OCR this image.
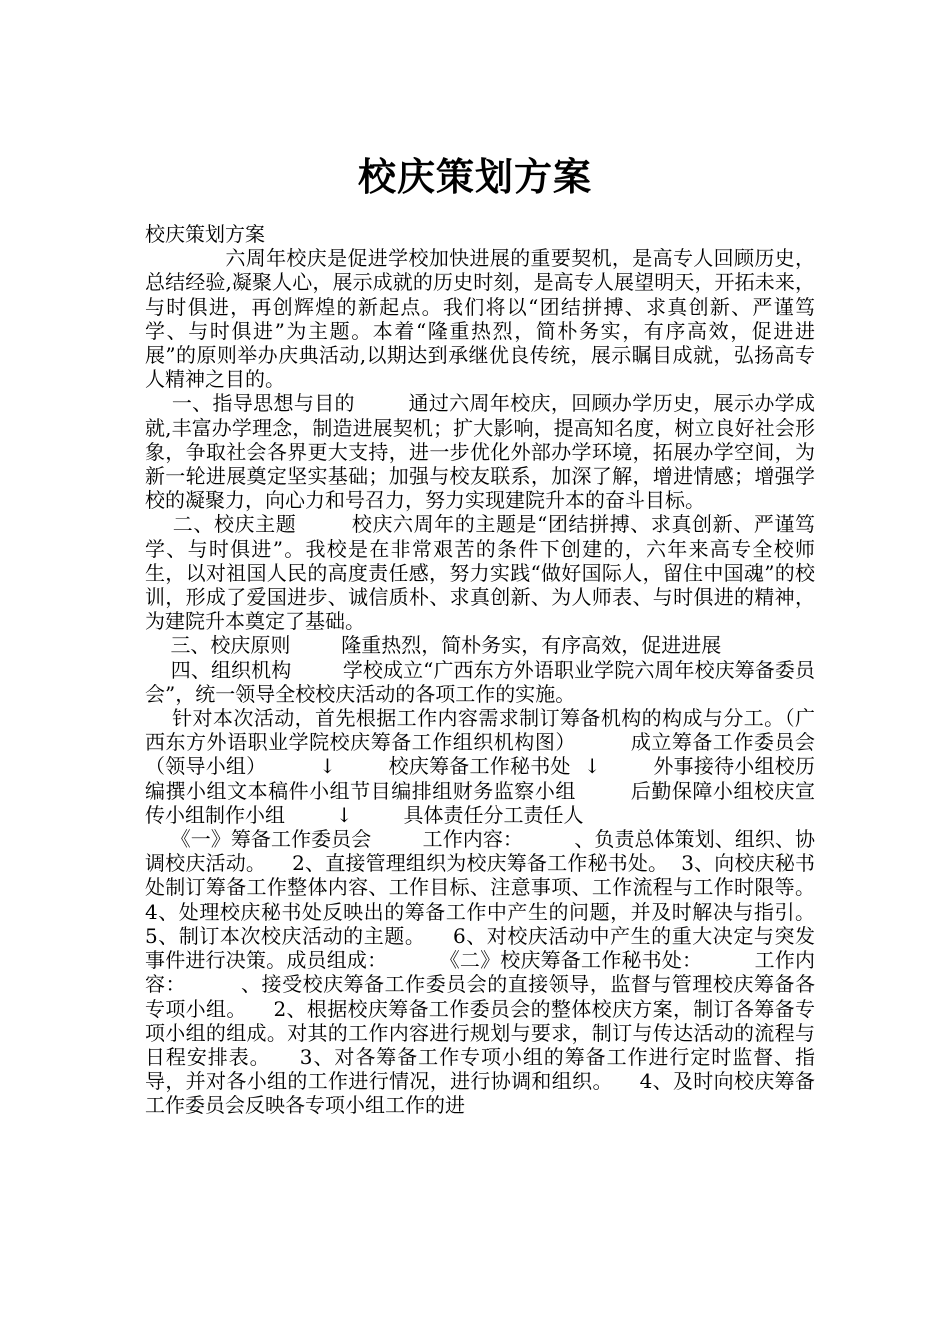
校庆策划方案

校庆策划方案

六周年校庆是促进学校加快进展的重要契机，是高专人回顾历史，总结经验,凝聚人心，展示成就的历史时刻，是高专人展望明天，开拓未来，与时俱进，再创辉煌的新起点。我们将以“团结拼搏、求真创新、严谨笃学、与时俱进”为主题。本着“隆重热烈，简朴务实，有序高效，促进进展”的原则举办庆典活动,以期达到承继优良传统，展示瞩目成就，弘扬高专人精神之目的。

一、指导思想与目的        通过六周年校庆，回顾办学历史，展示办学成就,丰富办学理念，制造进展契机；扩大影响，提高知名度，树立良好社会形象，争取社会各界更大支持，进一步优化外部办学环境，拓展办学空间，为新一轮进展奠定坚实基础；加强与校友联系，加深了解，增进情感；增强学校的凝聚力，向心力和号召力，努力实现建院升本的奋斗目标。

二、校庆主题        校庆六周年的主题是“团结拼搏、求真创新、严谨笃学、与时俱进”。我校是在非常艰苦的条件下创建的，六年来高专全校师生，以对祖国人民的高度责任感，努力实践“做好国际人，留住中国魂”的校训，形成了爱国进步、诚信质朴、求真创新、为人师表、与时俱进的精神，为建院升本奠定了基础。

三、校庆原则        隆重热烈，简朴务实，有序高效，促进进展

四、组织机构        学校成立“广西东方外语职业学院六周年校庆筹备委员会”，统一领导全校校庆活动的各项工作的实施。

针对本次活动，首先根据工作内容需求制订筹备机构的构成与分工。（广西东方外语职业学院校庆筹备工作组织机构图）        成立筹备工作委员会（领导小组）        ↓        校庆筹备工作秘书处  ↓        外事接待小组校历编撰小组文本稿件小组节目编排组财务监察小组        后勤保障小组校庆宣传小组制作小组        ↓        具体责任分工责任人

《一》筹备工作委员会        工作内容：        、负责总体策划、组织、协调校庆活动。    2、直接管理组织为校庆筹备工作秘书处。  3、向校庆秘书处制订筹备工作整体内容、工作目标、注意事项、工作流程与工作时限等。    4、处理校庆秘书处反映出的筹备工作中产生的问题，并及时解决与指引。    5、制订本次校庆活动的主题。    6、对校庆活动中产生的重大决定与突发事件进行决策。成员组成：        《二》校庆筹备工作秘书处：        工作内容：        、接受校庆筹备工作委员会的直接领导，监督与管理校庆筹备各专项小组。    2、根据校庆筹备工作委员会的整体校庆方案，制订各筹备专项小组的组成。对其的工作内容进行规划与要求，制订与传达活动的流程与日程安排表。    3、对各筹备工作专项小组的筹备工作进行定时监督、指导，并对各小组的工作进行情况，进行协调和组织。    4、及时向校庆筹备工作委员会反映各专项小组工作的进
